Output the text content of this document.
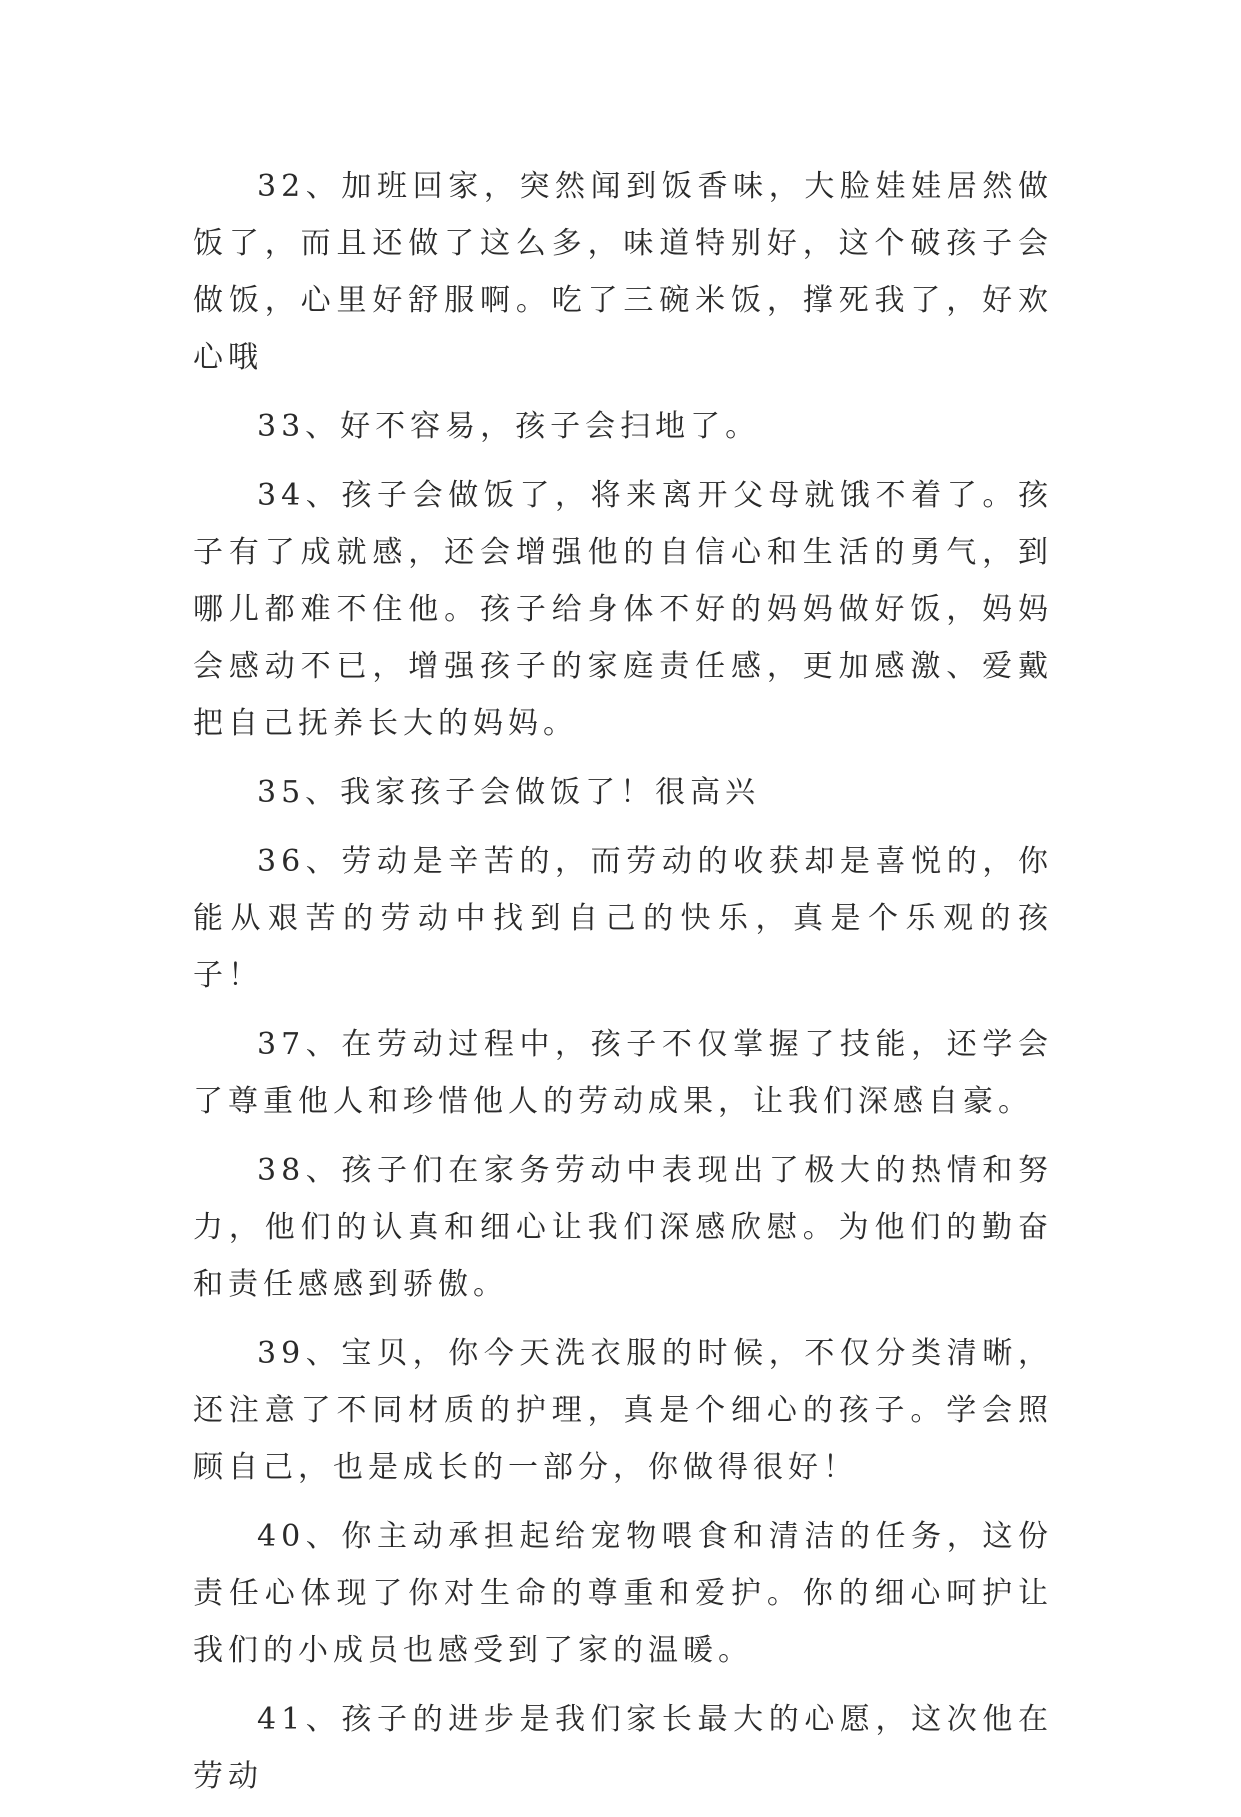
32、加班回家，突然闻到饭香味，大脸娃娃居然做饭了，而且还做了这么多，味道特别好，这个破孩子会做饭，心里好舒服啊。吃了三碗米饭，撑死我了，好欢心哦

33、好不容易，孩子会扫地了。

34、孩子会做饭了，将来离开父母就饿不着了。孩子有了成就感，还会增强他的自信心和生活的勇气，到哪儿都难不住他。孩子给身体不好的妈妈做好饭，妈妈会感动不已，增强孩子的家庭责任感，更加感激、爱戴把自己抚养长大的妈妈。

35、我家孩子会做饭了！很高兴

36、劳动是辛苦的，而劳动的收获却是喜悦的，你能从艰苦的劳动中找到自己的快乐，真是个乐观的孩子！

37、在劳动过程中，孩子不仅掌握了技能，还学会了尊重他人和珍惜他人的劳动成果，让我们深感自豪。

38、孩子们在家务劳动中表现出了极大的热情和努力，他们的认真和细心让我们深感欣慰。为他们的勤奋和责任感感到骄傲。

39、宝贝，你今天洗衣服的时候，不仅分类清晰，还注意了不同材质的护理，真是个细心的孩子。学会照顾自己，也是成长的一部分，你做得很好！

40、你主动承担起给宠物喂食和清洁的任务，这份责任心体现了你对生命的尊重和爱护。你的细心呵护让我们的小成员也感受到了家的温暖。

41、孩子的进步是我们家长最大的心愿，这次他在劳动
